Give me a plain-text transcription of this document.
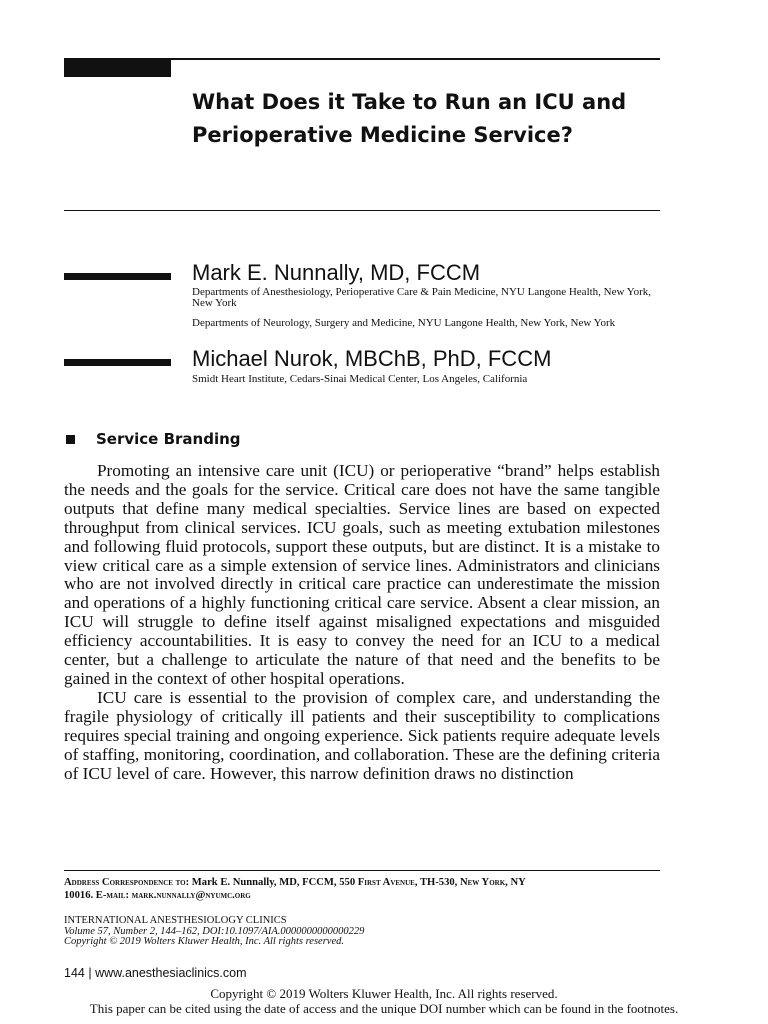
What Does it Take to Run an ICU and Perioperative Medicine Service?
Mark E. Nunnally, MD, FCCM
Departments of Anesthesiology, Perioperative Care & Pain Medicine, NYU Langone Health, New York, New York
Departments of Neurology, Surgery and Medicine, NYU Langone Health, New York, New York
Michael Nurok, MBChB, PhD, FCCM
Smidt Heart Institute, Cedars-Sinai Medical Center, Los Angeles, California
Service Branding

Promoting an intensive care unit (ICU) or perioperative “brand” helps establish the needs and the goals for the service. Critical care does not have the same tangible outputs that define many medical specialties. Service lines are based on expected throughput from clinical services. ICU goals, such as meeting extubation milestones and following fluid protocols, support these outputs, but are distinct. It is a mistake to view critical care as a simple extension of service lines. Administrators and clinicians who are not involved directly in critical care practice can underestimate the mission and operations of a highly functioning critical care service. Absent a clear mission, an ICU will struggle to define itself against misaligned expectations and misguided efficiency accountabilities. It is easy to convey the need for an ICU to a medical center, but a challenge to articulate the nature of that need and the benefits to be gained in the context of other hospital operations.

ICU care is essential to the provision of complex care, and understanding the fragile physiology of critically ill patients and their susceptibility to complications requires special training and ongoing experience. Sick patients require adequate levels of staffing, monitoring, coordination, and collaboration. These are the defining criteria of ICU level of care. However, this narrow definition draws no distinction

Address Correspondence to: Mark E. Nunnally, MD, FCCM, 550 First Avenue, TH-530, New York, NY
10016. E-mail: mark.nunnally@nyumc.org
INTERNATIONAL ANESTHESIOLOGY CLINICS
Volume 57, Number 2, 144–162, DOI:10.1097/AIA.0000000000000229
Copyright © 2019 Wolters Kluwer Health, Inc. All rights reserved.
144 | www.anesthesiaclinics.com
Copyright © 2019 Wolters Kluwer Health, Inc. All rights reserved.
This paper can be cited using the date of access and the unique DOI number which can be found in the footnotes.
